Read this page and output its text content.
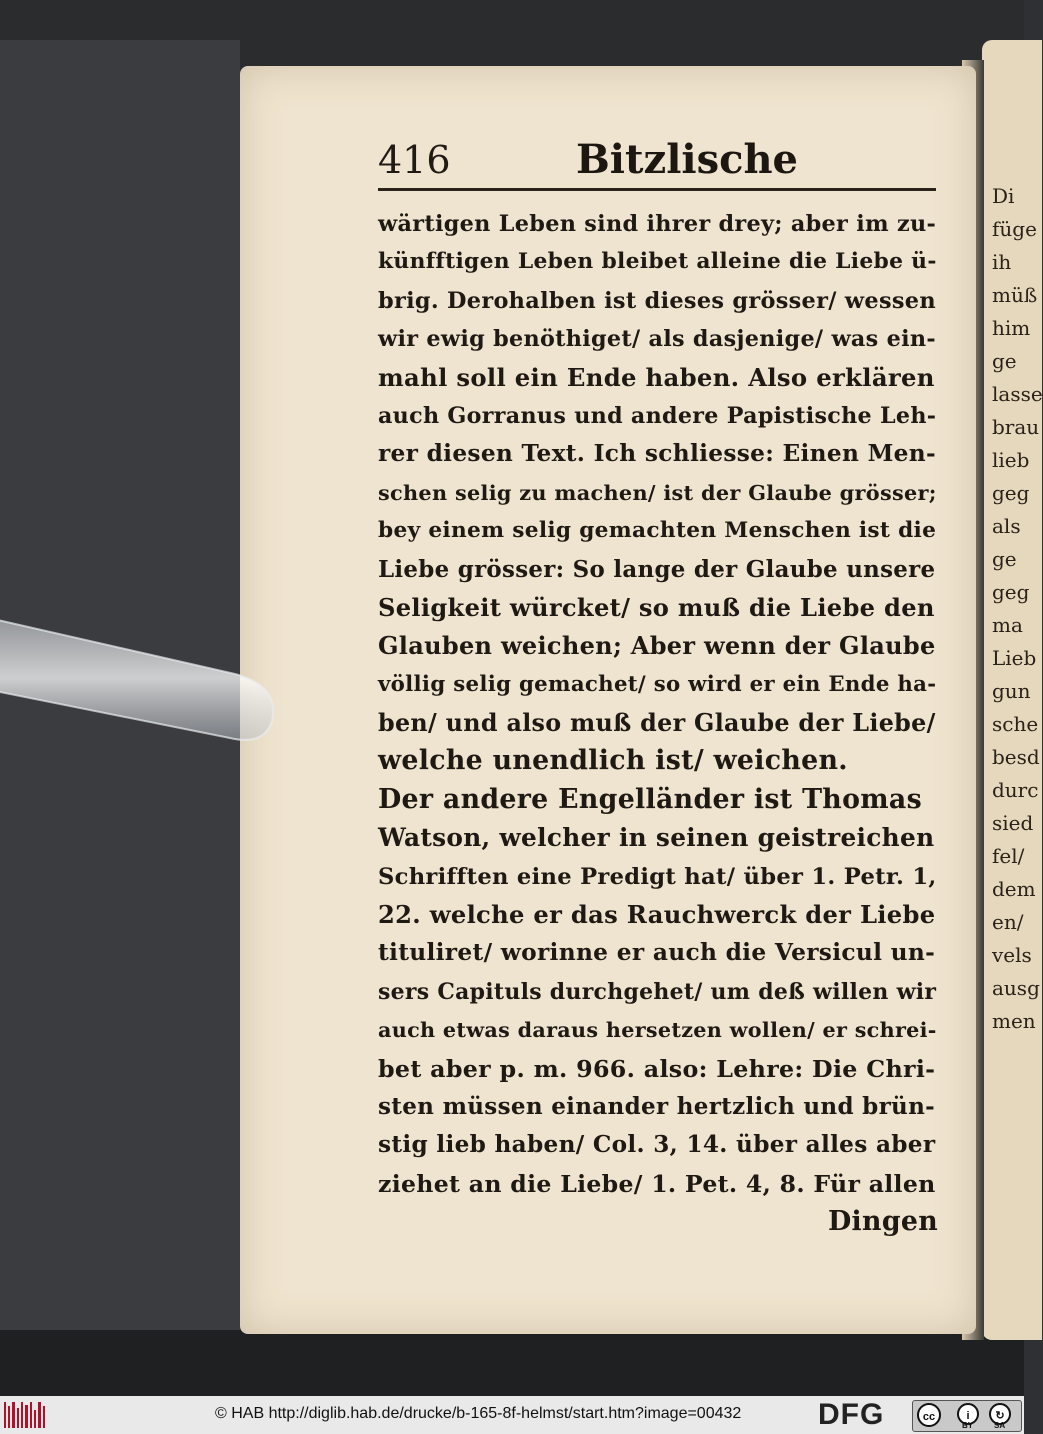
Di
füge
ih
müß
him
ge
lasse
brau
lieb
geg
als
ge
geg
ma
Lieb
gun
sche
besd
durc
sied
fel/
dem
en/
vels
ausg
men
416	Bitzlische
wärtigen Leben sind ihrer drey; aber im zu-
künfftigen Leben bleibet alleine die Liebe ü-
brig. Derohalben ist dieses grösser/ wessen
wir ewig benöthiget/ als dasjenige/ was ein-
mahl soll ein Ende haben. Also erklären
auch Gorranus und andere Papistische Leh-
rer diesen Text. Ich schliesse: Einen Men-
schen selig zu machen/ ist der Glaube grösser;
bey einem selig gemachten Menschen ist die
Liebe grösser: So lange der Glaube unsere
Seligkeit würcket/ so muß die Liebe den
Glauben weichen; Aber wenn der Glaube
völlig selig gemachet/ so wird er ein Ende ha-
ben/ und also muß der Glaube der Liebe/
welche unendlich ist/ weichen.
Der andere Engelländer ist Thomas
Watson, welcher in seinen geistreichen
Schrifften eine Predigt hat/ über 1. Petr. 1,
22. welche er das Rauchwerck der Liebe
tituliret/ worinne er auch die Versicul un-
sers Capituls durchgehet/ um deß willen wir
auch etwas daraus hersetzen wollen/ er schrei-
bet aber p. m. 966. also: Lehre: Die Chri-
sten müssen einander hertzlich und brün-
stig lieb haben/ Col. 3, 14. über alles aber
ziehet an die Liebe/ 1. Pet. 4, 8. Für allen
Dingen
© HAB http://diglib.hab.de/drucke/b-165-8f-helmst/start.htm?image=00432	DFG	cc	i
BY
↻
SA
